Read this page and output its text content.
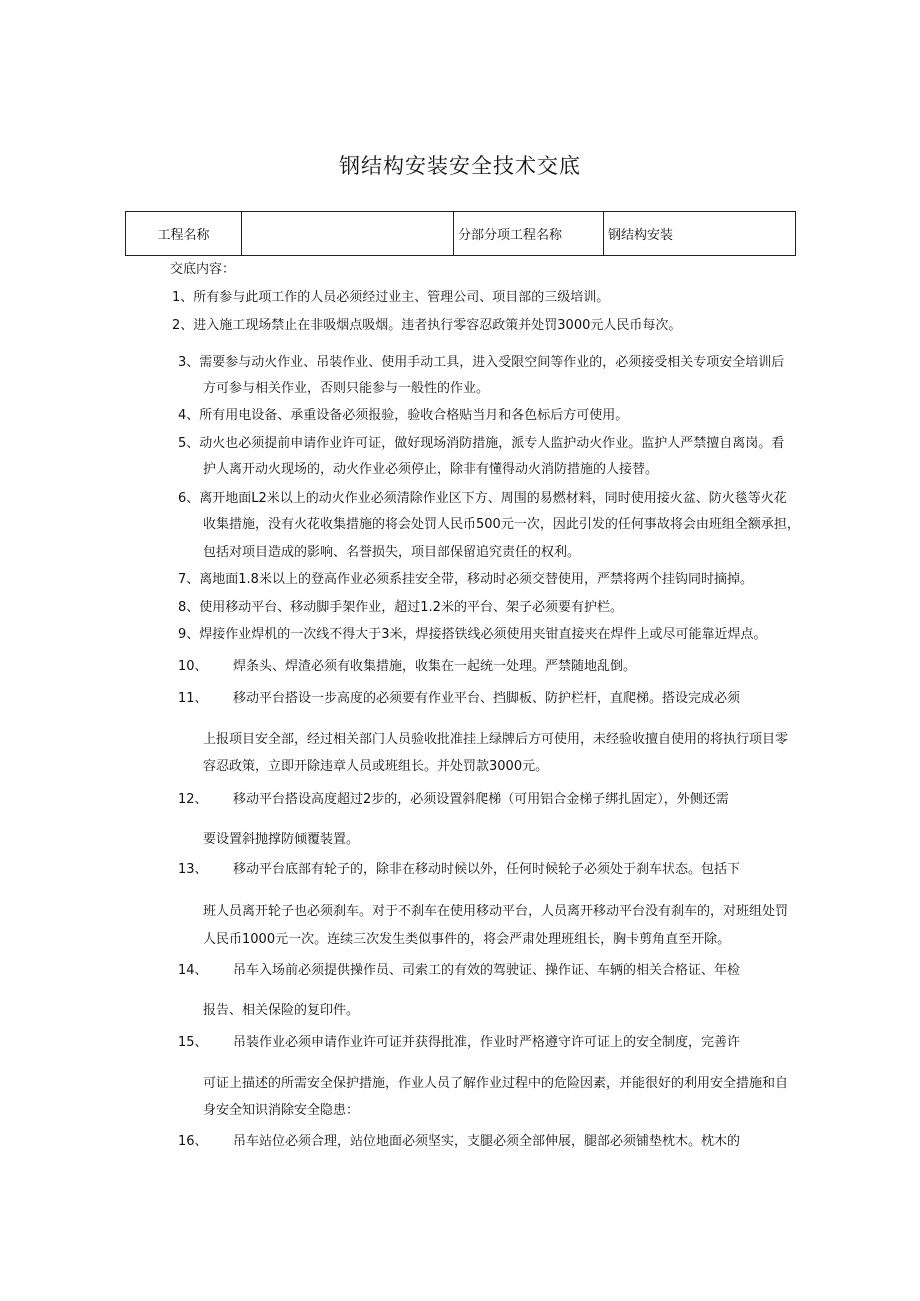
钢结构安装安全技术交底
工程名称		分部分项工程名称	钢结构安装
交底内容：
1、所有参与此项工作的人员必须经过业主、管理公司、项目部的三级培训。
2、进入施工现场禁止在非吸烟点吸烟。违者执行零容忍政策并处罚3000元人民币每次。
3、需要参与动火作业、吊装作业、使用手动工具，进入受限空间等作业的，必须接受相关专项安全培训后
方可参与相关作业，否则只能参与一般性的作业。
4、所有用电设备、承重设备必须报验，验收合格贴当月和各色标后方可使用。
5、动火也必须提前申请作业许可证，做好现场消防措施，派专人监护动火作业。监护人严禁擅自离岗。看
护人离开动火现场的，动火作业必须停止，除非有懂得动火消防措施的人接替。
6、离开地面L2米以上的动火作业必须清除作业区下方、周围的易燃材料，同时使用接火盆、防火毯等火花
收集措施，没有火花收集措施的将会处罚人民币500元一次，因此引发的任何事故将会由班组全额承担，
包括对项目造成的影响、名誉损失，项目部保留追究责任的权利。
7、离地面1.8米以上的登高作业必须系挂安全带，移动时必须交替使用，严禁将两个挂钩同时摘掉。
8、使用移动平台、移动脚手架作业，超过1.2米的平台、架子必须要有护栏。
9、焊接作业焊机的一次线不得大于3米，焊接搭铁线必须使用夹钳直接夹在焊件上或尽可能靠近焊点。
10、 焊条头、焊渣必须有收集措施，收集在一起统一处理。严禁随地乱倒。
11、 移动平台搭设一步高度的必须要有作业平台、挡脚板、防护栏杆，直爬梯。搭设完成必须
上报项目安全部，经过相关部门人员验收批准挂上绿牌后方可使用，未经验收擅自使用的将执行项目零
容忍政策，立即开除违章人员或班组长。并处罚款3000元。
12、 移动平台搭设高度超过2步的，必须设置斜爬梯（可用铝合金梯子绑扎固定），外侧还需
要设置斜抛撑防倾覆装置。
13、 移动平台底部有轮子的，除非在移动时候以外，任何时候轮子必须处于刹车状态。包括下
班人员离开轮子也必须刹车。对于不刹车在使用移动平台，人员离开移动平台没有刹车的，对班组处罚
人民币1000元一次。连续三次发生类似事件的，将会严肃处理班组长，胸卡剪角直至开除。
14、 吊车入场前必须提供操作员、司索工的有效的驾驶证、操作证、车辆的相关合格证、年检
报告、相关保险的复印件。
15、 吊装作业必须申请作业许可证并获得批准，作业时严格遵守许可证上的安全制度，完善许
可证上描述的所需安全保护措施，作业人员了解作业过程中的危险因素，并能很好的利用安全措施和自
身安全知识消除安全隐患：
16、 吊车站位必须合理，站位地面必须坚实，支腿必须全部伸展，腿部必须铺垫枕木。枕木的
